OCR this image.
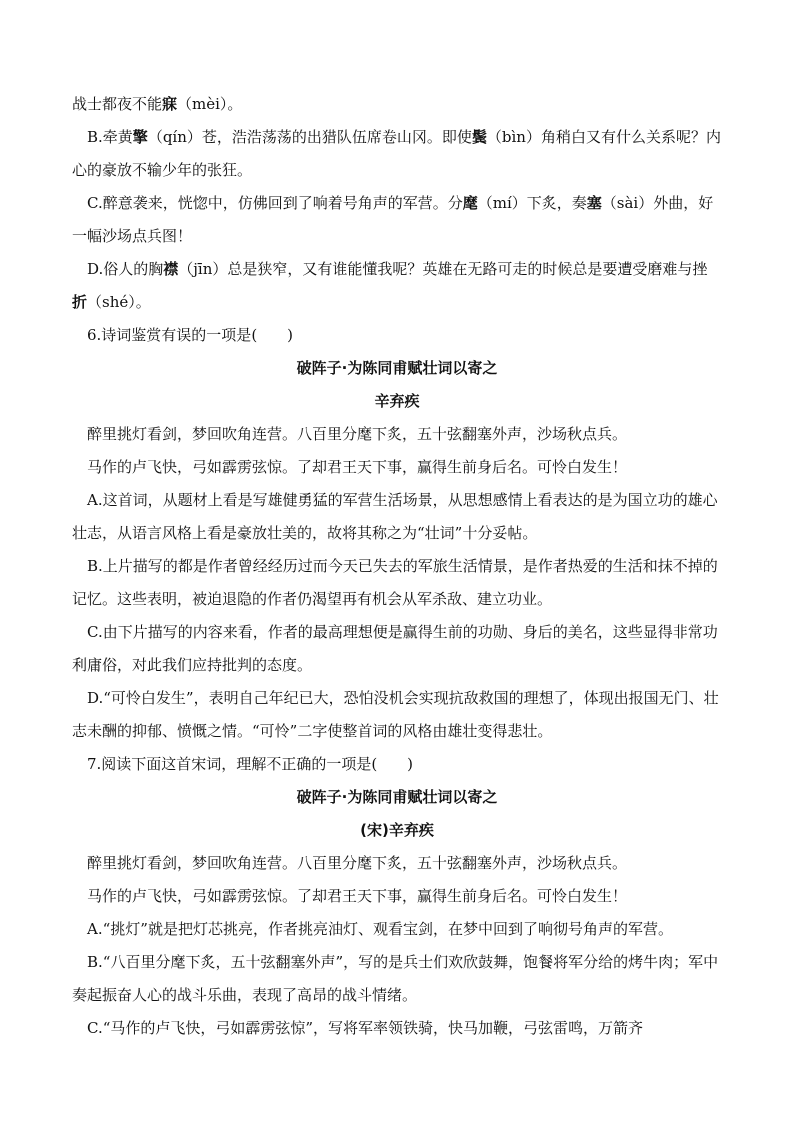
战士都夜不能寐（mèi）。

B.牵黄擎（qín）苍，浩浩荡荡的出猎队伍席卷山冈。即使鬓（bìn）角稍白又有什么关系呢？内心的豪放不输少年的张狂。

C.醉意袭来，恍惚中，仿佛回到了响着号角声的军营。分麾（mí）下炙，奏塞（sài）外曲，好一幅沙场点兵图！

D.俗人的胸襟（jīn）总是狭窄，又有谁能懂我呢？英雄在无路可走的时候总是要遭受磨难与挫折（shé）。

6.诗词鉴赏有误的一项是(　　)

破阵子·为陈同甫赋壮词以寄之

辛弃疾

醉里挑灯看剑，梦回吹角连营。八百里分麾下炙，五十弦翻塞外声，沙场秋点兵。

马作的卢飞快，弓如霹雳弦惊。了却君王天下事，赢得生前身后名。可怜白发生！

A.这首词，从题材上看是写雄健勇猛的军营生活场景，从思想感情上看表达的是为国立功的雄心壮志，从语言风格上看是豪放壮美的，故将其称之为“壮词”十分妥帖。

B.上片描写的都是作者曾经经历过而今天已失去的军旅生活情景，是作者热爱的生活和抹不掉的记忆。这些表明，被迫退隐的作者仍渴望再有机会从军杀敌、建立功业。

C.由下片描写的内容来看，作者的最高理想便是赢得生前的功勋、身后的美名，这些显得非常功利庸俗，对此我们应持批判的态度。

D.“可怜白发生”，表明自己年纪已大，恐怕没机会实现抗敌救国的理想了，体现出报国无门、壮志未酬的抑郁、愤慨之情。“可怜”二字使整首词的风格由雄壮变得悲壮。

7.阅读下面这首宋词，理解不正确的一项是(　　)

破阵子·为陈同甫赋壮词以寄之

(宋)辛弃疾

醉里挑灯看剑，梦回吹角连营。八百里分麾下炙，五十弦翻塞外声，沙场秋点兵。

马作的卢飞快，弓如霹雳弦惊。了却君王天下事，赢得生前身后名。可怜白发生！

A.“挑灯”就是把灯芯挑亮，作者挑亮油灯、观看宝剑，在梦中回到了响彻号角声的军营。

B.“八百里分麾下炙，五十弦翻塞外声”，写的是兵士们欢欣鼓舞，饱餐将军分给的烤牛肉；军中奏起振奋人心的战斗乐曲，表现了高昂的战斗情绪。

C.“马作的卢飞快，弓如霹雳弦惊”，写将军率领铁骑，快马加鞭，弓弦雷鸣，万箭齐
